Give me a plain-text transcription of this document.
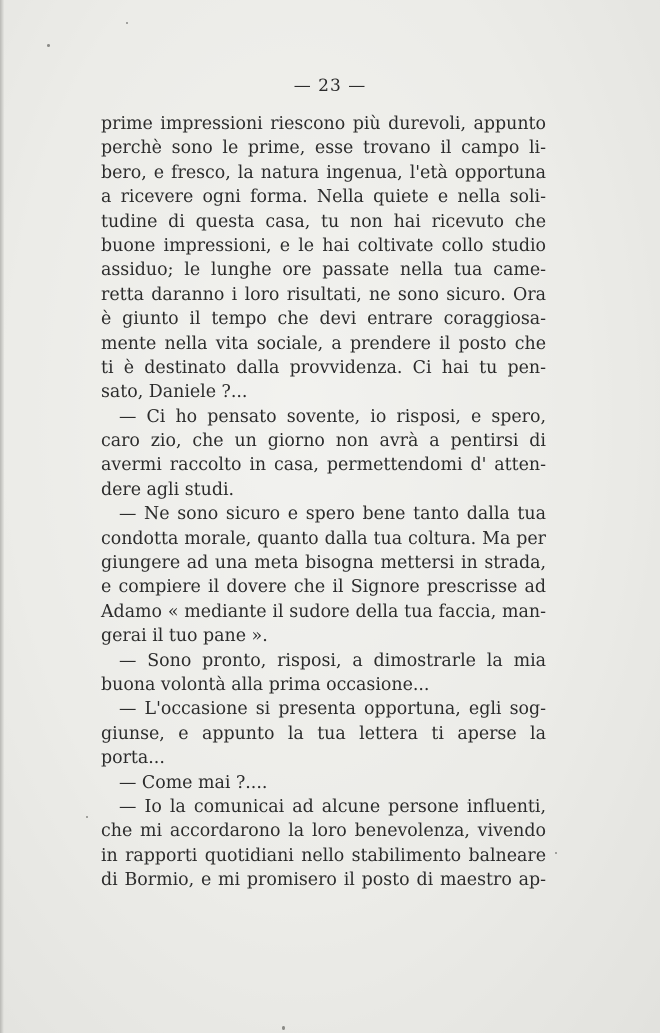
— 23 —
prime impressioni riescono più durevoli, appunto
perchè sono le prime, esse trovano il campo li-
bero, e fresco, la natura ingenua, l'età opportuna
a ricevere ogni forma. Nella quiete e nella soli-
tudine di questa casa, tu non hai ricevuto che
buone impressioni, e le hai coltivate collo studio
assiduo; le lunghe ore passate nella tua came-
retta daranno i loro risultati, ne sono sicuro. Ora
è giunto il tempo che devi entrare coraggiosa-
mente nella vita sociale, a prendere il posto che
ti è destinato dalla provvidenza. Ci hai tu pen-
sato, Daniele ?...
— Ci ho pensato sovente, io risposi, e spero,
caro zio, che un giorno non avrà a pentirsi di
avermi raccolto in casa, permettendomi d' atten-
dere agli studi.
— Ne sono sicuro e spero bene tanto dalla tua
condotta morale, quanto dalla tua coltura. Ma per
giungere ad una meta bisogna mettersi in strada,
e compiere il dovere che il Signore prescrisse ad
Adamo « mediante il sudore della tua faccia, man-
gerai il tuo pane ».
— Sono pronto, risposi, a dimostrarle la mia
buona volontà alla prima occasione...
— L'occasione si presenta opportuna, egli sog-
giunse, e appunto la tua lettera ti aperse la
porta...
— Come mai ?....
— Io la comunicai ad alcune persone influenti,
che mi accordarono la loro benevolenza, vivendo
in rapporti quotidiani nello stabilimento balneare
di Bormio, e mi promisero il posto di maestro ap-
